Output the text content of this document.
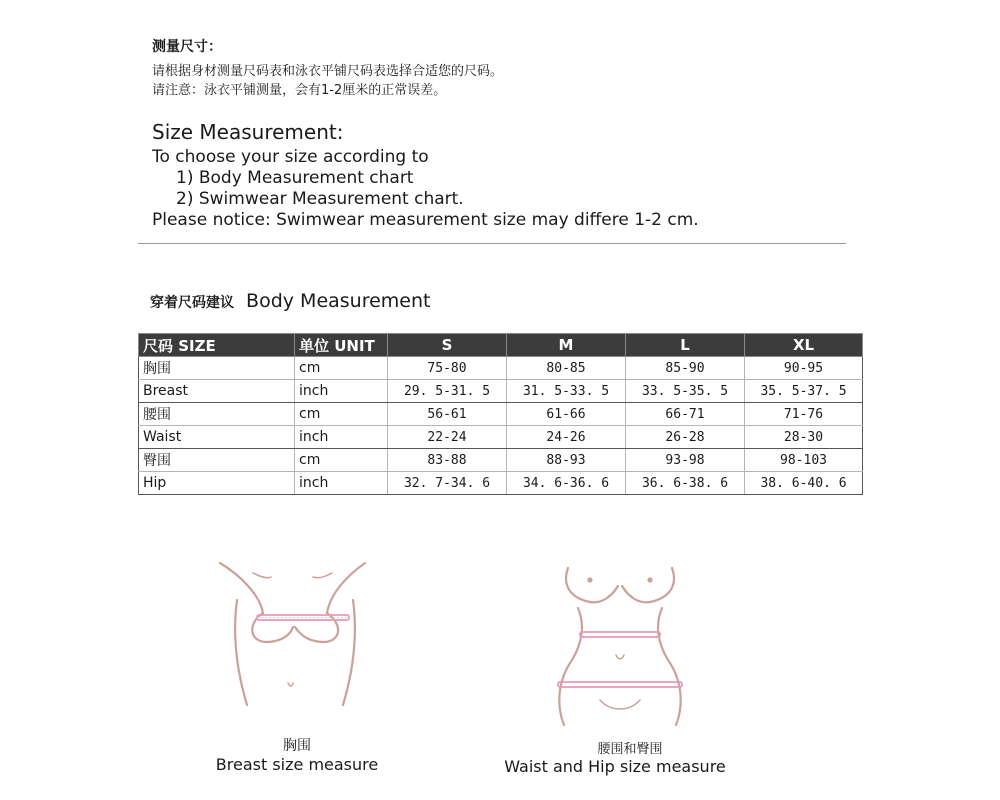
测量尺寸：
请根据身材测量尺码表和泳衣平铺尺码表选择合适您的尺码。
请注意：泳衣平铺测量，会有1-2厘米的正常误差。
Size Measurement:
To choose your size according to
1) Body Measurement chart
2) Swimwear Measurement chart.
Please notice: Swimwear measurement size may differe 1-2 cm.
穿着尺码建议 Body Measurement
尺码 SIZE	单位 UNIT	S	M	L	XL
胸围	cm	75-80	80-85	85-90	90-95
Breast	inch	29. 5-31. 5	31. 5-33. 5	33. 5-35. 5	35. 5-37. 5
腰围	cm	56-61	61-66	66-71	71-76
Waist	inch	22-24	24-26	26-28	28-30
臀围	cm	83-88	88-93	93-98	98-103
Hip	inch	32. 7-34. 6	34. 6-36. 6	36. 6-38. 6	38. 6-40. 6
胸围
Breast size measure
腰围和臀围
Waist and Hip size measure
